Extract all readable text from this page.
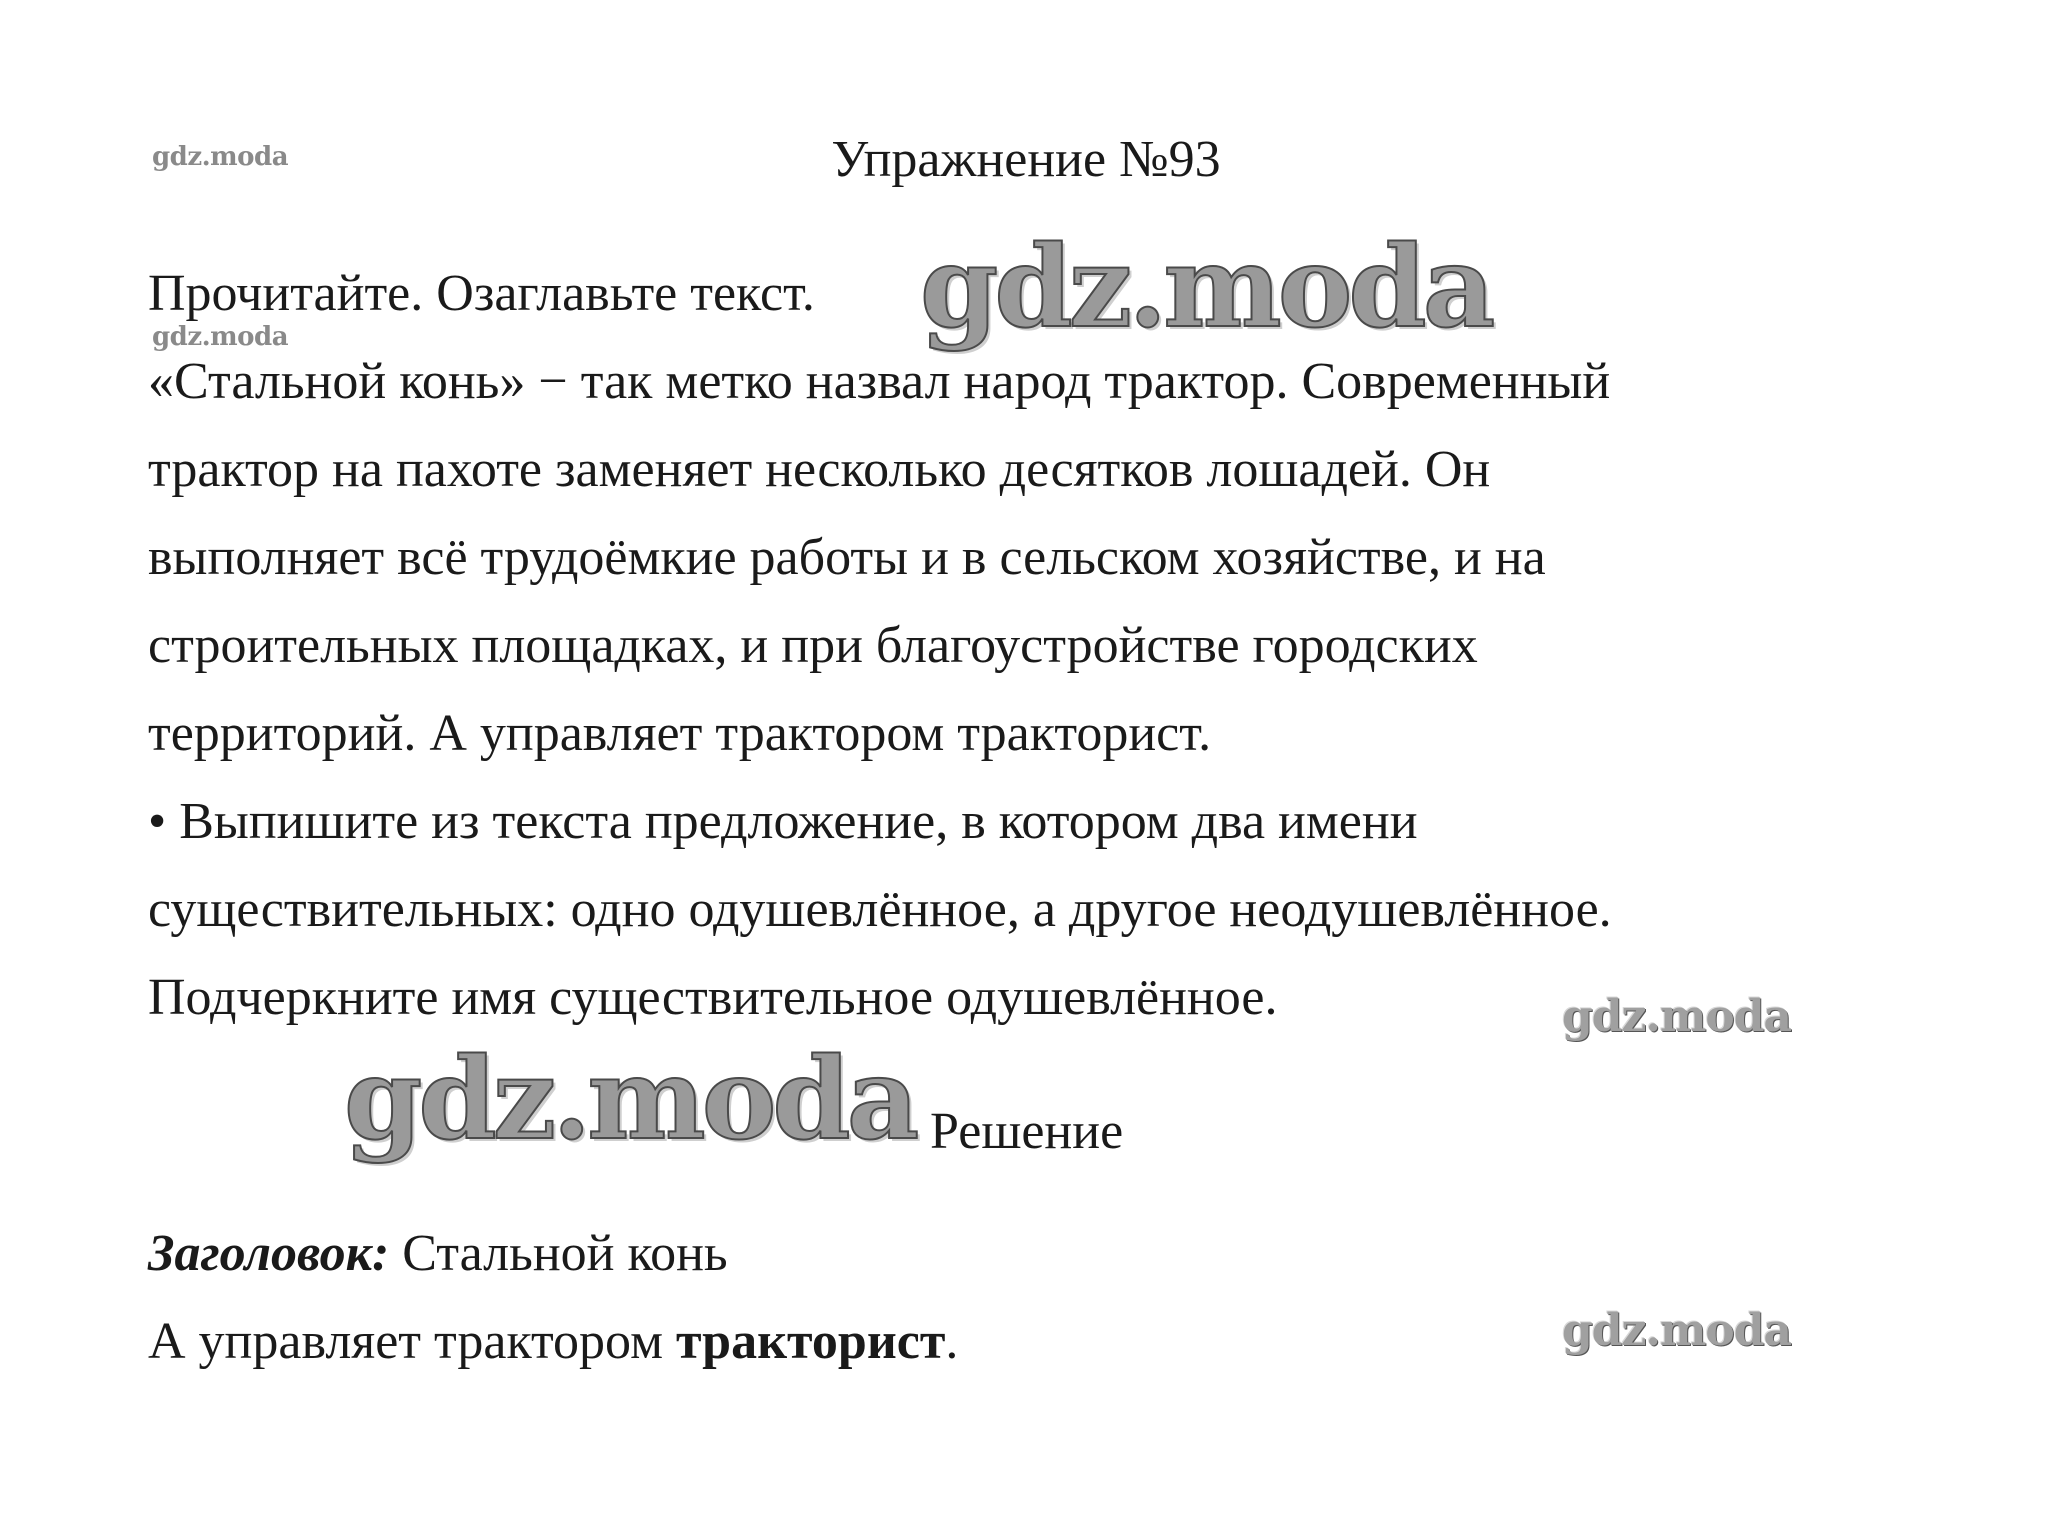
gdz.moda	Упражнение №93
Прочитайте. Озаглавьте текст. gdz.moda
gdz.moda
«Стальной конь» − так метко назвал народ трактор. Современный
трактор на пахоте заменяет несколько десятков лошадей. Он
выполняет всё трудоёмкие работы и в сельском хозяйстве, и на
строительных площадках, и при благоустройстве городских
территорий. А управляет трактором тракторист.
• Выпишите из текста предложение, в котором два имени
существительных: одно одушевлённое, а другое неодушевлённое.
Подчеркните имя существительное одушевлённое.	gdz.moda
gdz.moda Решение
Заголовок: Стальной конь
А управляет трактором тракторист.	gdz.moda
